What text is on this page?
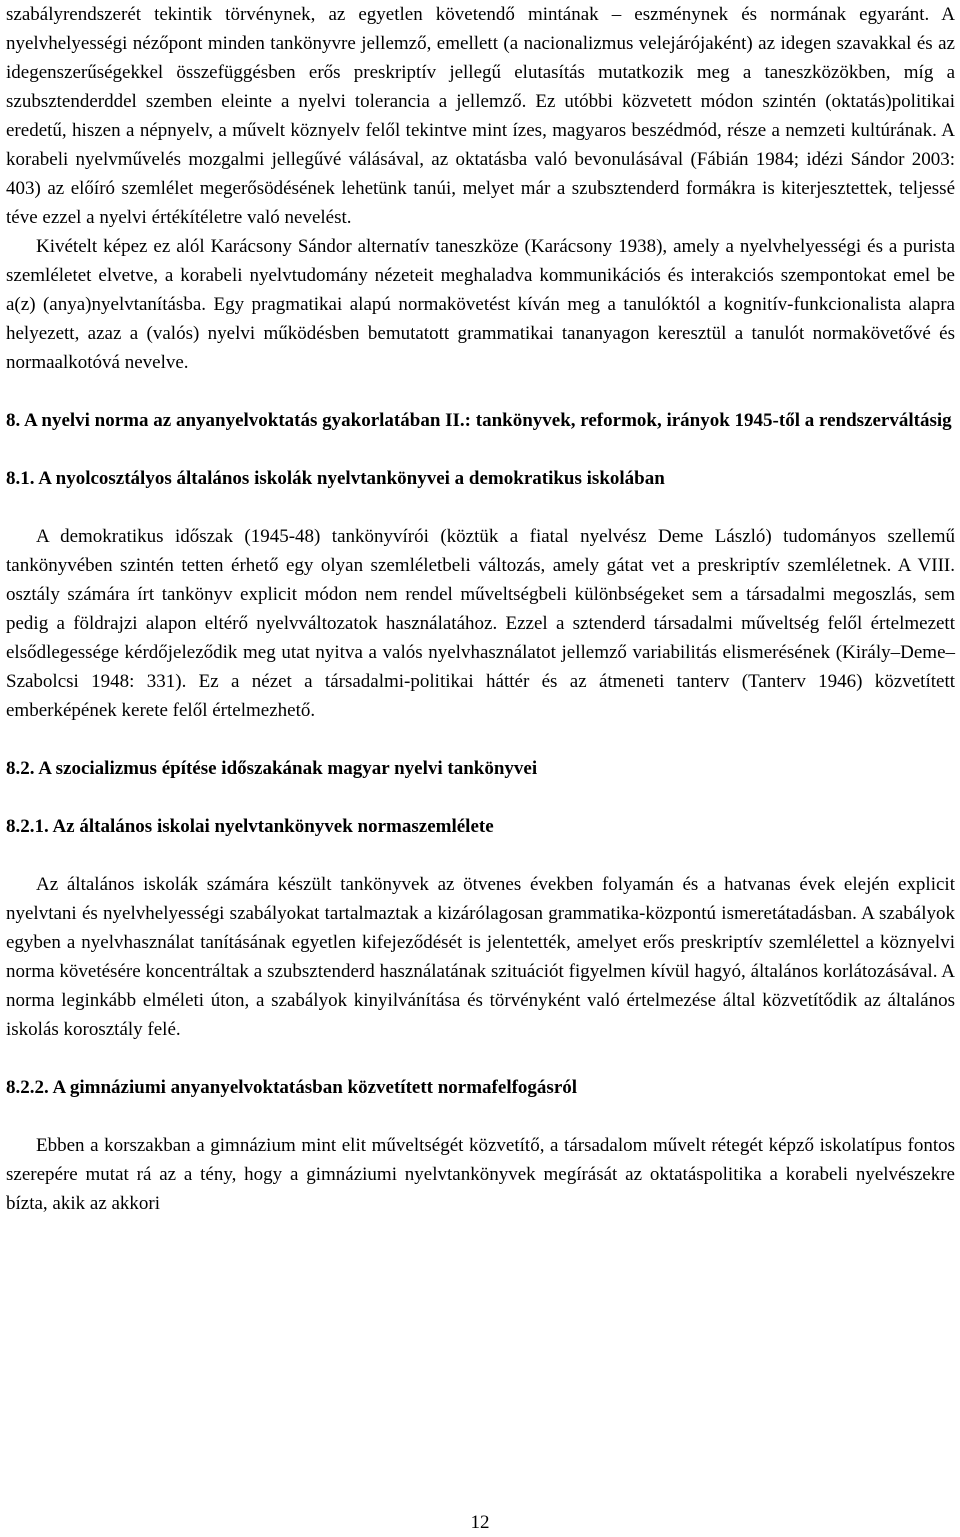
szabályrendszerét tekintik törvénynek, az egyetlen követendő mintának – eszménynek és normának egyaránt. A nyelvhelyességi nézőpont minden tankönyvre jellemző, emellett (a nacionalizmus velejárójaként) az idegen szavakkal és az idegenszerűségekkel összefüggésben erős preskriptív jellegű elutasítás mutatkozik meg a taneszközökben, míg a szubsztenderddel szemben eleinte a nyelvi tolerancia a jellemző. Ez utóbbi közvetett módon szintén (oktatás)politikai eredetű, hiszen a népnyelv, a művelt köznyelv felől tekintve mint ízes, magyaros beszédmód, része a nemzeti kultúrának. A korabeli nyelvművelés mozgalmi jellegűvé válásával, az oktatásba való bevonulásával (Fábián 1984; idézi Sándor 2003: 403) az előíró szemlélet megerősödésének lehetünk tanúi, melyet már a szubsztenderd formákra is kiterjesztettek, teljessé téve ezzel a nyelvi értékítéletre való nevelést.

Kivételt képez ez alól Karácsony Sándor alternatív taneszköze (Karácsony 1938), amely a nyelvhelyességi és a purista szemléletet elvetve, a korabeli nyelvtudomány nézeteit meghaladva kommunikációs és interakciós szempontokat emel be a(z) (anya)nyelvtanításba. Egy pragmatikai alapú normakövetést kíván meg a tanulóktól a kognitív-funkcionalista alapra helyezett, azaz a (valós) nyelvi működésben bemutatott grammatikai tananyagon keresztül a tanulót normakövetővé és normaalkotóvá nevelve.

8. A nyelvi norma az anyanyelvoktatás gyakorlatában II.: tankönyvek, reformok, irányok 1945-től a rendszerváltásig
8.1. A nyolcosztályos általános iskolák nyelvtankönyvei a demokratikus iskolában

A demokratikus időszak (1945-48) tankönyvírói (köztük a fiatal nyelvész Deme László) tudományos szellemű tankönyvében szintén tetten érhető egy olyan szemléletbeli változás, amely gátat vet a preskriptív szemléletnek. A VIII. osztály számára írt tankönyv explicit módon nem rendel műveltségbeli különbségeket sem a társadalmi megoszlás, sem pedig a földrajzi alapon eltérő nyelvváltozatok használatához. Ezzel a sztenderd társadalmi műveltség felől értelmezett elsődlegessége kérdőjeleződik meg utat nyitva a valós nyelvhasználatot jellemző variabilitás elismerésének (Király–Deme–Szabolcsi 1948: 331). Ez a nézet a társadalmi-politikai háttér és az átmeneti tanterv (Tanterv 1946) közvetített emberképének kerete felől értelmezhető.

8.2. A szocializmus építése időszakának magyar nyelvi tankönyvei
8.2.1. Az általános iskolai nyelvtankönyvek normaszemlélete

Az általános iskolák számára készült tankönyvek az ötvenes években folyamán és a hatvanas évek elején explicit nyelvtani és nyelvhelyességi szabályokat tartalmaztak a kizárólagosan grammatika-központú ismeretátadásban. A szabályok egyben a nyelvhasználat tanításának egyetlen kifejeződését is jelentették, amelyet erős preskriptív szemlélettel a köznyelvi norma követésére koncentráltak a szubsztenderd használatának szituációt figyelmen kívül hagyó, általános korlátozásával. A norma leginkább elméleti úton, a szabályok kinyilvánítása és törvényként való értelmezése által közvetítődik az általános iskolás korosztály felé.

8.2.2. A gimnáziumi anyanyelvoktatásban közvetített normafelfogásról

Ebben a korszakban a gimnázium mint elit műveltségét közvetítő, a társadalom művelt rétegét képző iskolatípus fontos szerepére mutat rá az a tény, hogy a gimnáziumi nyelvtankönyvek megírását az oktatáspolitika a korabeli nyelvészekre bízta, akik az akkori

12
